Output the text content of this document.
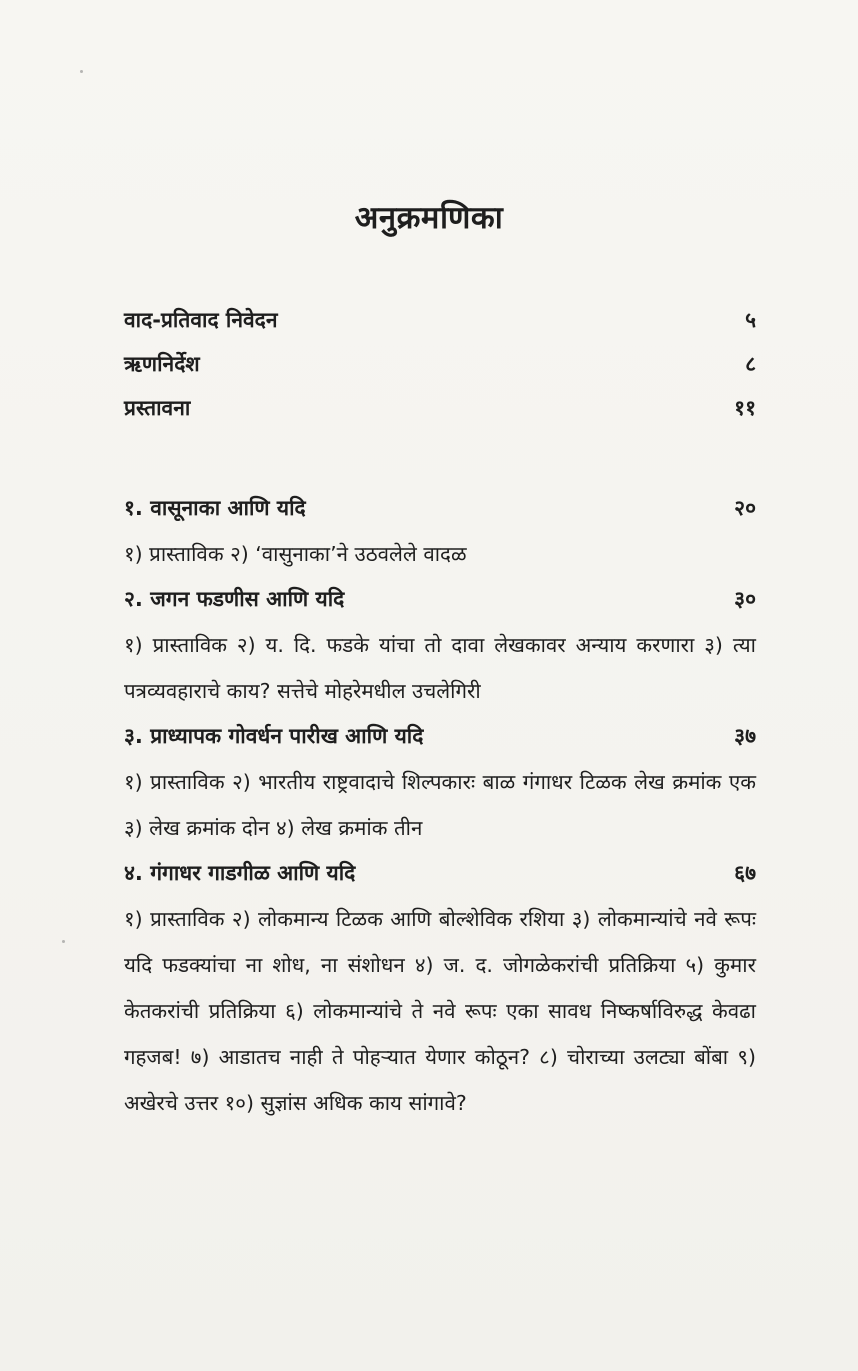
अनुक्रमणिका
वाद-प्रतिवाद निवेदन	५
ऋणनिर्देश	८
प्रस्तावना	११
१. वासूनाका आणि यदि	२०
१) प्रास्ताविक २) ‘वासुनाका’ने उठवलेले वादळ
२. जगन फडणीस आणि यदि	३०
१) प्रास्ताविक २) य. दि. फडके यांचा तो दावा लेखकावर अन्याय करणारा ३) त्या पत्रव्यवहाराचे काय? सत्तेचे मोहरेमधील उचलेगिरी
३. प्राध्यापक गोवर्धन पारीख आणि यदि	३७
१) प्रास्ताविक २) भारतीय राष्ट्रवादाचे शिल्पकारः बाळ गंगाधर टिळक लेख क्रमांक एक ३) लेख क्रमांक दोन ४) लेख क्रमांक तीन
४. गंगाधर गाडगीळ आणि यदि	६७
१) प्रास्ताविक २) लोकमान्य टिळक आणि बोल्शेविक रशिया ३) लोकमान्यांचे नवे रूपः यदि फडक्यांचा ना शोध, ना संशोधन ४) ज. द. जोगळेकरांची प्रतिक्रिया ५) कुमार केतकरांची प्रतिक्रिया ६) लोकमान्यांचे ते नवे रूपः एका सावध निष्कर्षाविरुद्ध केवढा गहजब! ७) आडातच नाही ते पोहऱ्यात येणार कोठून? ८) चोराच्या उलट्या बोंबा ९) अखेरचे उत्तर १०) सुज्ञांस अधिक काय सांगावे?
